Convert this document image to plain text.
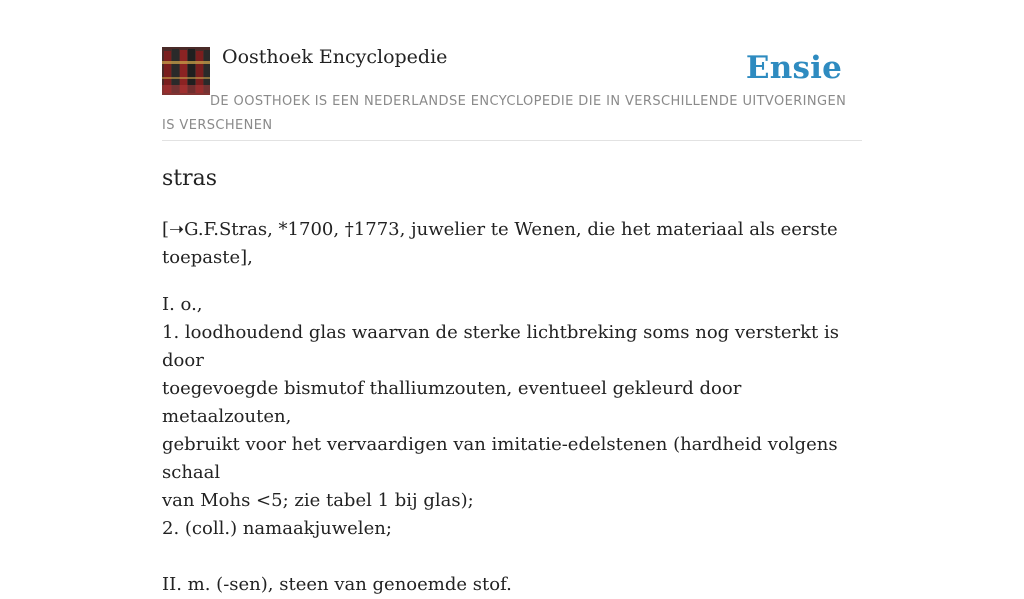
Oosthoek Encyclopedie	Ensie
DE OOSTHOEK IS EEN NEDERLANDSE ENCYCLOPEDIE DIE IN VERSCHILLENDE UITVOERINGEN IS VERSCHENEN
stras

[➝G.F.Stras, *1700, †1773, juwelier te Wenen, die het materiaal als eerste toepaste],

I. o.,
1. loodhoudend glas waarvan de sterke lichtbreking soms nog versterkt is door
toegevoegde bismutof thalliumzouten, eventueel gekleurd door metaalzouten,
gebruikt voor het vervaardigen van imitatie-edelstenen (hardheid volgens schaal
van Mohs <5; zie tabel 1 bij glas);
2. (coll.) namaakjuwelen;
II. m. (-sen), steen van genoemde stof.
